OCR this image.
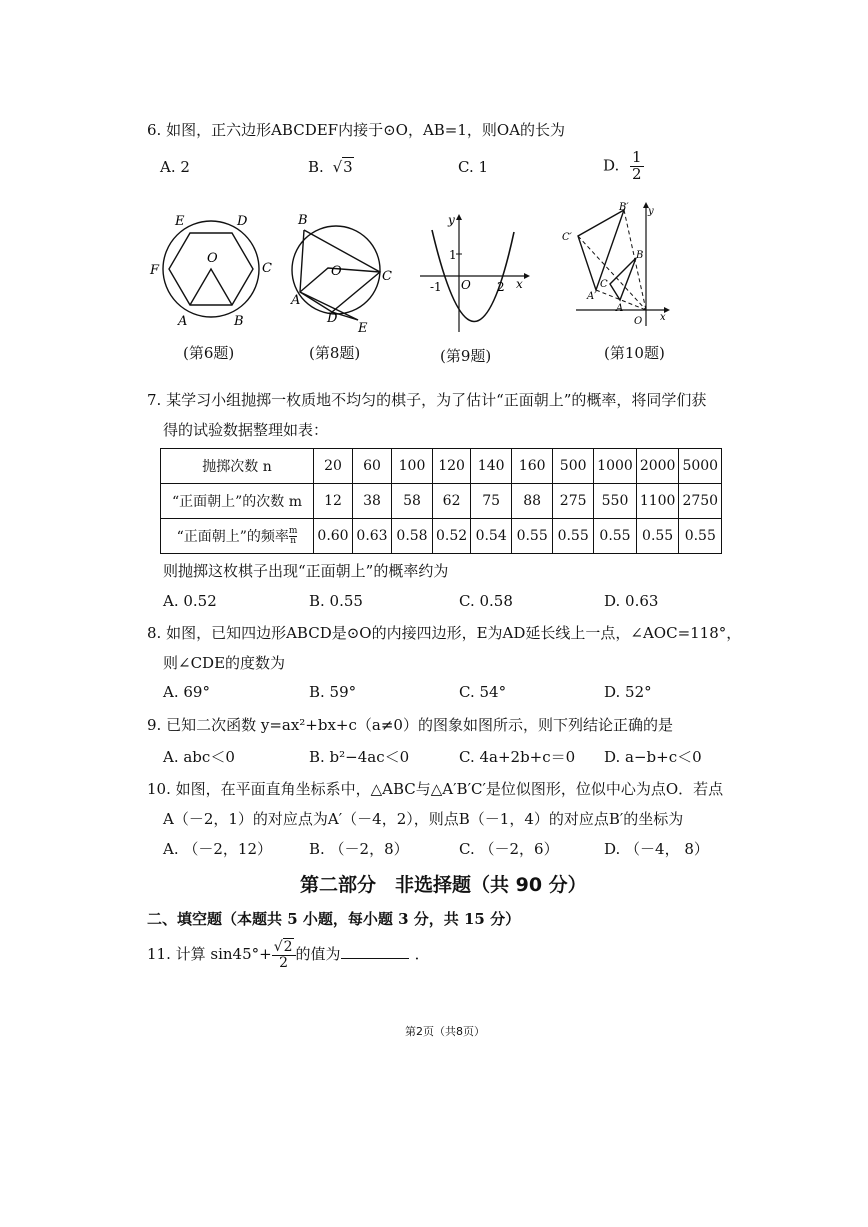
6. 如图，正六边形ABCDEF内接于⊙O，AB=1，则OA的长为
A. 2	B. √3	C. 1	D. $\frac{1}{2}$
E	D
C
F
O
A	B
(第6题)
B
O	C
A
D
E
(第8题)
y
1
-1 O 2 x
(第9题)
B′ y
C′
B
C
A′
A
O x
(第10题)
7. 某学习小组抛掷一枚质地不均匀的棋子，为了估计“正面朝上”的概率，将同学们获
得的试验数据整理如表：
抛掷次数 n	20	60	100	120	140	160	500	1000	2000	5000
“正面朝上”的次数 m	12	38	58	62	75	88	275	550	1100	2750
“正面朝上”的频率 $\frac{m}{n}$	0.60	0.63	0.58	0.52	0.54	0.55	0.55	0.55	0.55	0.55
则抛掷这枚棋子出现“正面朝上”的概率约为
A. 0.52	B. 0.55	C. 0.58	D. 0.63
8. 如图，已知四边形ABCD是⊙O的内接四边形，E为AD延长线上一点，∠AOC=118°，
则∠CDE的度数为
A. 69°	B. 59°	C. 54°	D. 52°
9. 已知二次函数 y=ax²+bx+c（a≠0）的图象如图所示，则下列结论正确的是
A. abc＜0	B. b²−4ac＜0	C. 4a+2b+c＝0 D. a−b+c＜0
10. 如图，在平面直角坐标系中，△ABC与△A′B′C′是位似图形，位似中心为点O．若点
A（－2，1）的对应点为A′（－4，2），则点B（－1，4）的对应点B′的坐标为
A. （－2，12） B. （－2，8）	C. （－2，6）	D. （－4， 8）
第二部分　非选择题（共 90 分）
二、填空题（本题共 5 小题，每小题 3 分，共 15 分）
11. 计算 $\sin 45^\circ+ \frac{√2}{2}$ 的值为	．
第2页（共8页）
